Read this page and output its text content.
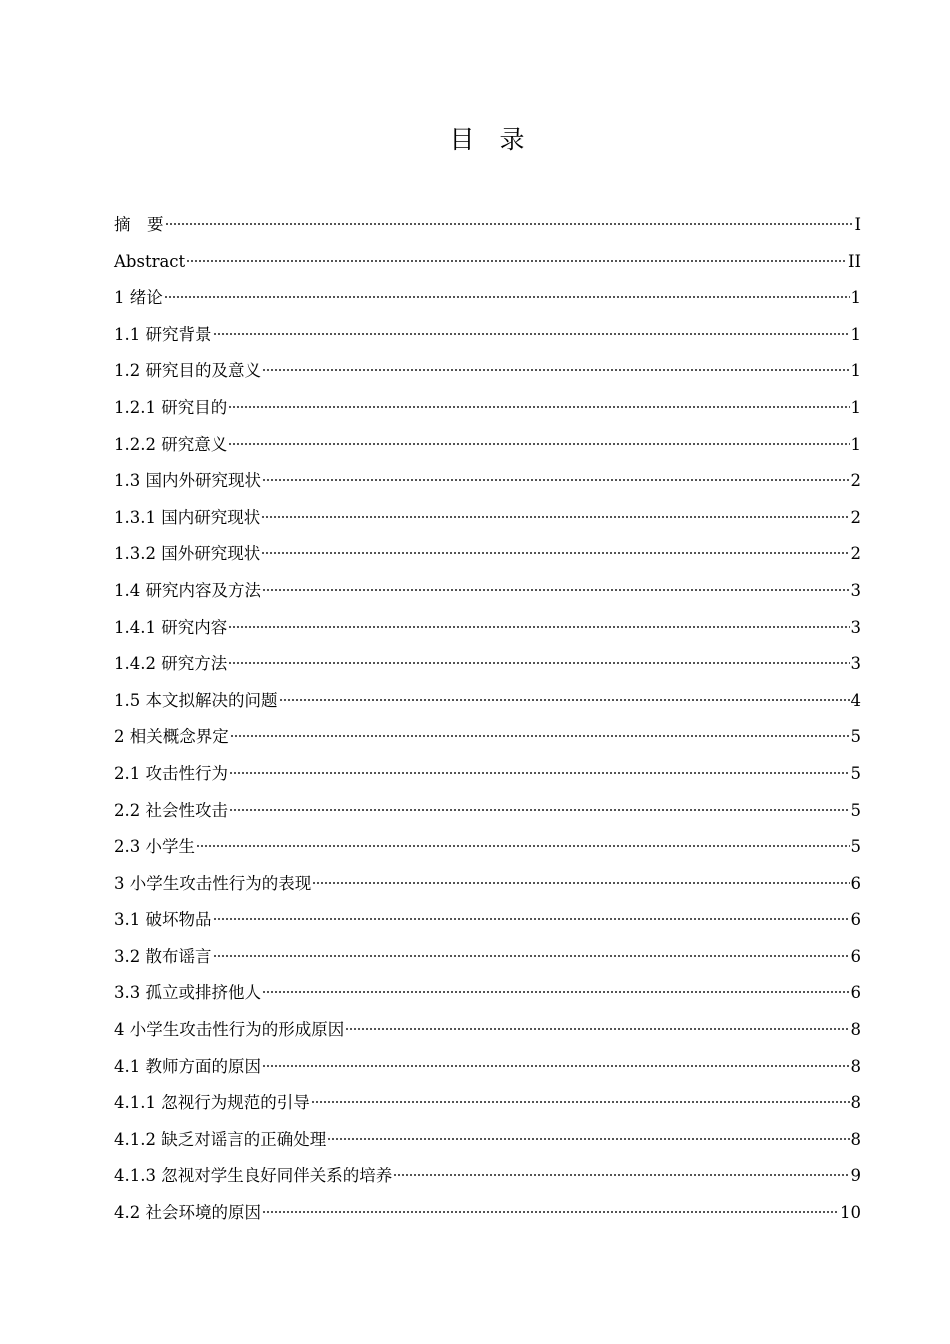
目　录
摘　要	I
Abstract	II
1 绪论	1
1.1 研究背景	1
1.2 研究目的及意义	1
1.2.1 研究目的	1
1.2.2 研究意义	1
1.3 国内外研究现状	2
1.3.1 国内研究现状	2
1.3.2 国外研究现状	2
1.4 研究内容及方法	3
1.4.1 研究内容	3
1.4.2 研究方法	3
1.5 本文拟解决的问题	4
2 相关概念界定	5
2.1 攻击性行为	5
2.2 社会性攻击	5
2.3 小学生	5
3 小学生攻击性行为的表现	6
3.1 破坏物品	6
3.2 散布谣言	6
3.3 孤立或排挤他人	6
4 小学生攻击性行为的形成原因	8
4.1 教师方面的原因	8
4.1.1 忽视行为规范的引导	8
4.1.2 缺乏对谣言的正确处理	8
4.1.3 忽视对学生良好同伴关系的培养	9
4.2 社会环境的原因	10
